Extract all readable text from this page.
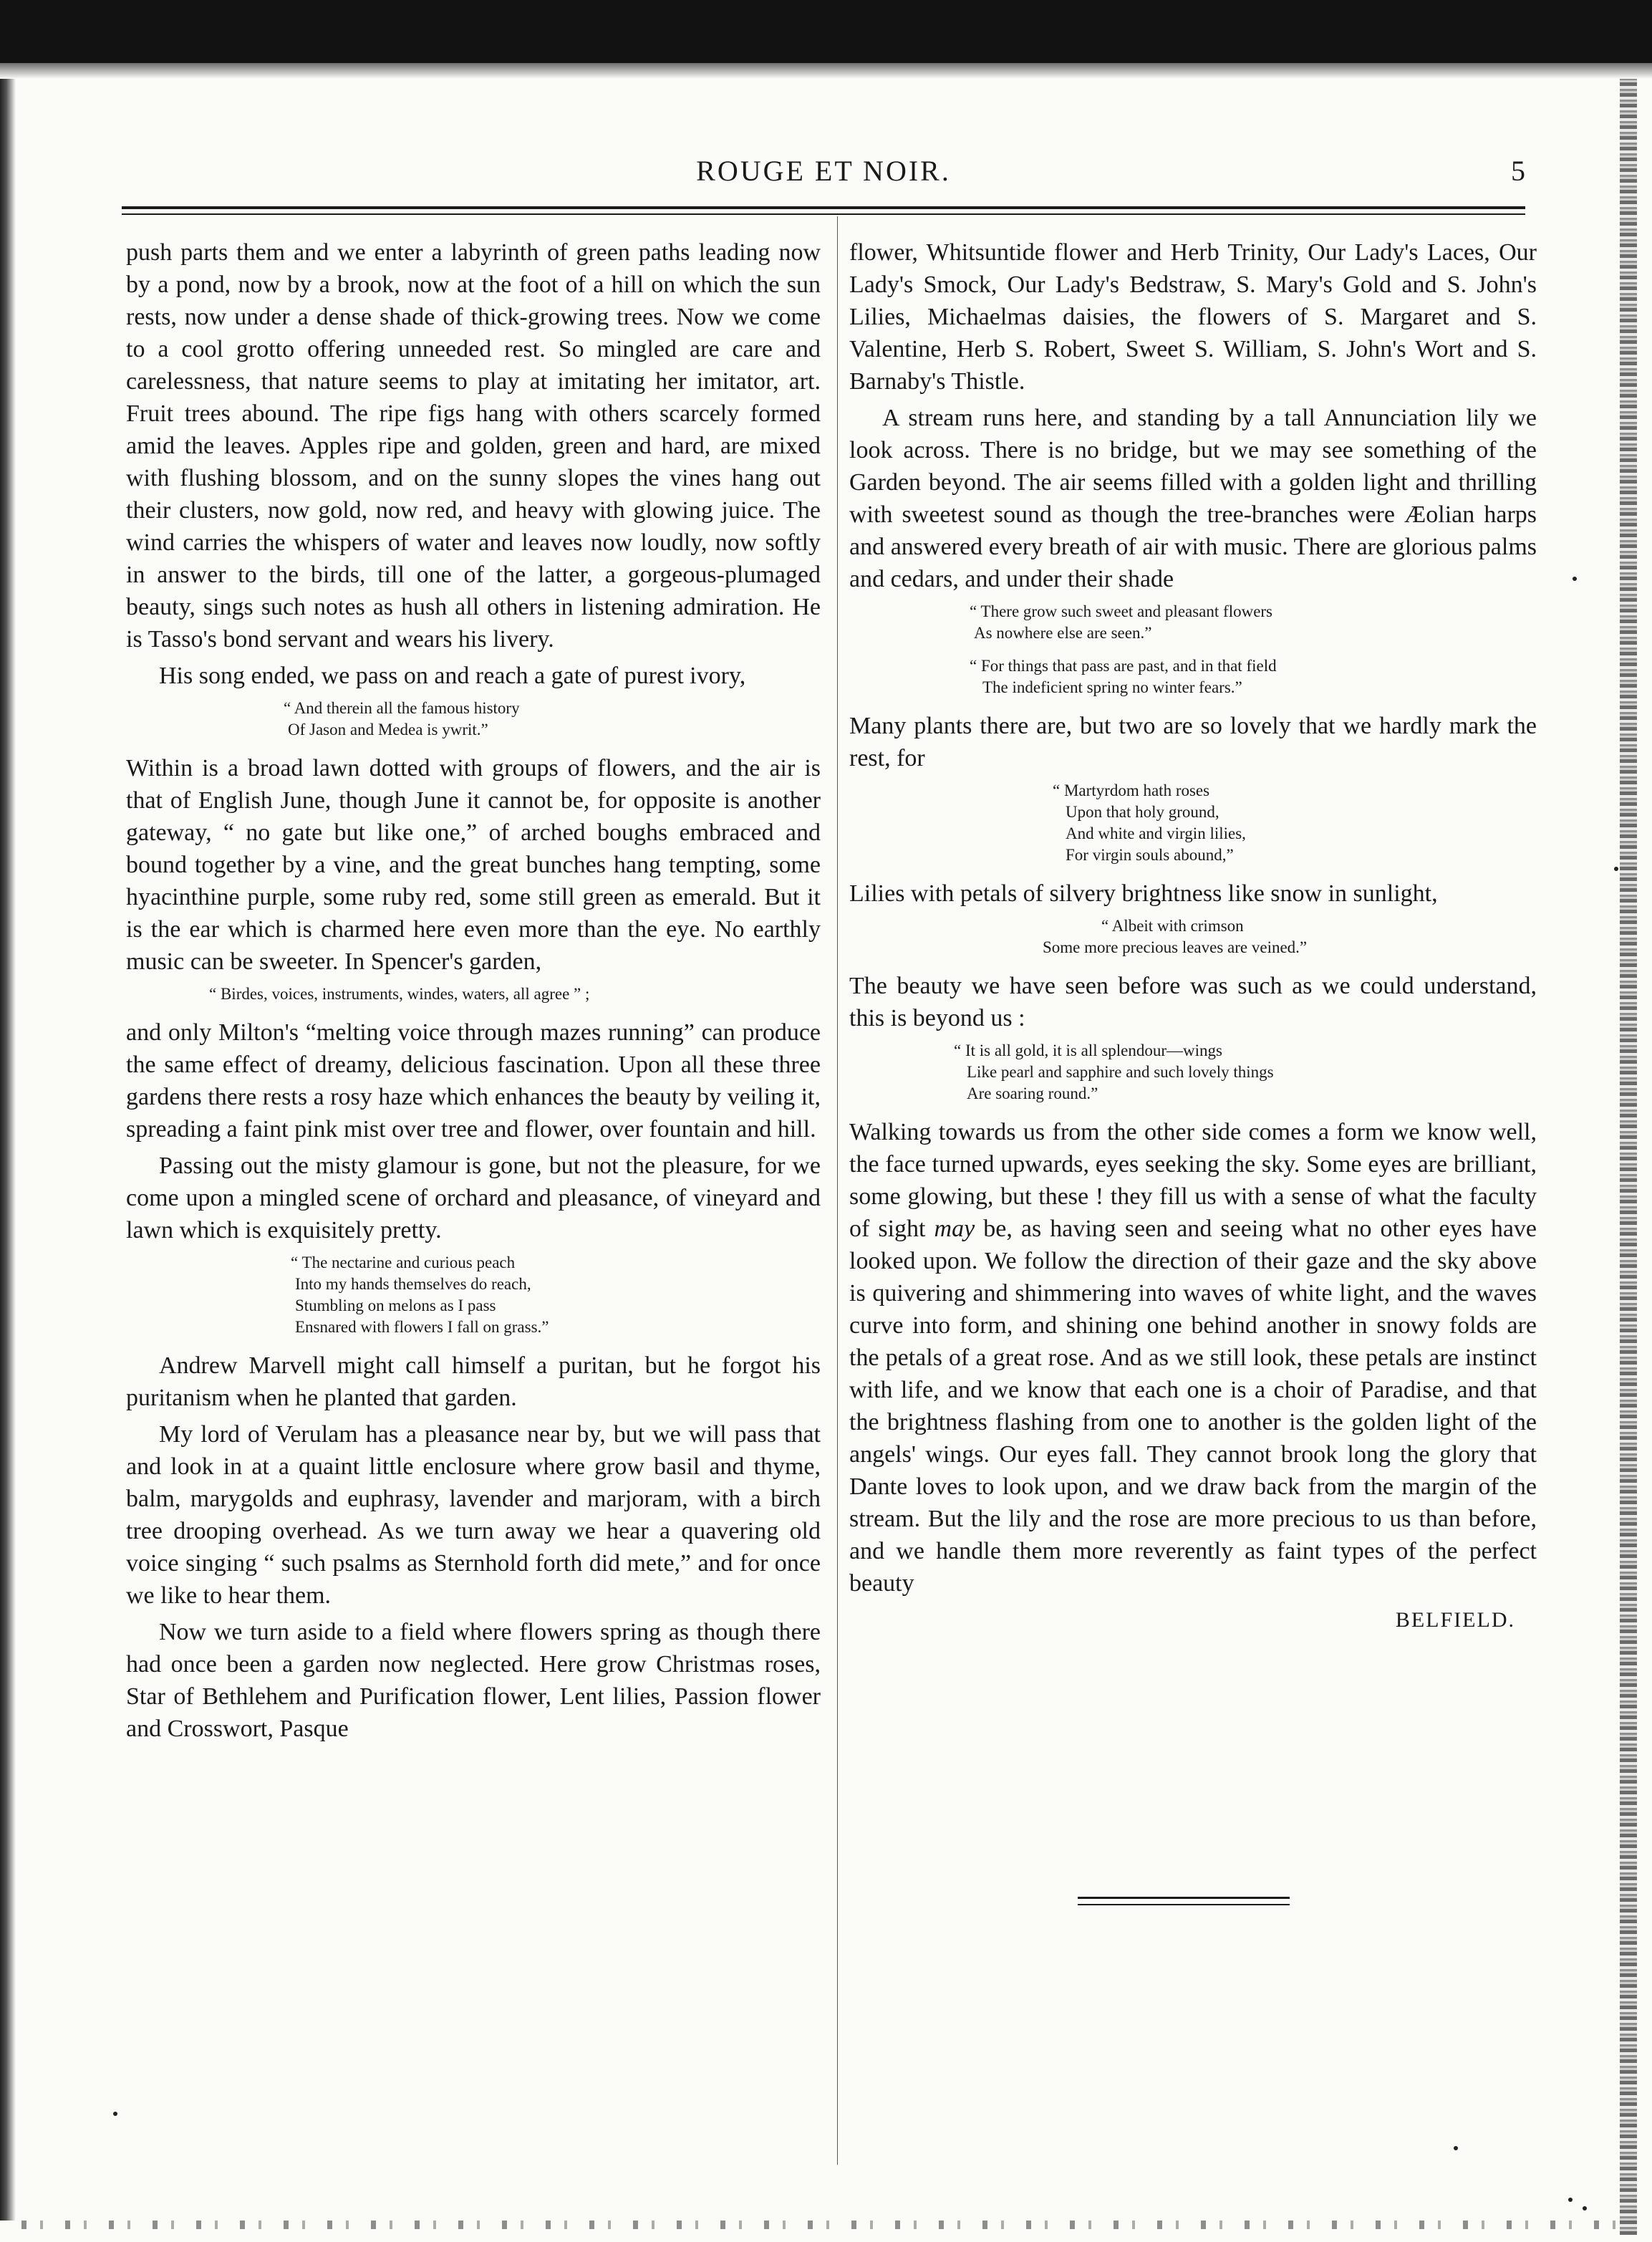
ROUGE ET NOIR.	5

push parts them and we enter a labyrinth of green paths leading now by a pond, now by a brook, now at the foot of a hill on which the sun rests, now under a dense shade of thick-growing trees. Now we come to a cool grotto offering unneeded rest. So mingled are care and carelessness, that nature seems to play at imitating her imitator, art. Fruit trees abound. The ripe figs hang with others scarcely formed amid the leaves. Apples ripe and golden, green and hard, are mixed with flushing blossom, and on the sunny slopes the vines hang out their clusters, now gold, now red, and heavy with glowing juice. The wind carries the whispers of water and leaves now loudly, now softly in answer to the birds, till one of the latter, a gorgeous-plumaged beauty, sings such notes as hush all others in listening admiration. He is Tasso's bond servant and wears his livery.

His song ended, we pass on and reach a gate of purest ivory,

“ And therein all the famous history
Of Jason and Medea is ywrit.”

Within is a broad lawn dotted with groups of flowers, and the air is that of English June, though June it cannot be, for opposite is another gateway, “ no gate but like one,” of arched boughs embraced and bound together by a vine, and the great bunches hang tempting, some hyacinthine purple, some ruby red, some still green as emerald. But it is the ear which is charmed here even more than the eye. No earthly music can be sweeter. In Spencer's garden,

“ Birdes, voices, instruments, windes, waters, all agree ” ;

and only Milton's “melting voice through mazes running” can produce the same effect of dreamy, delicious fascination. Upon all these three gardens there rests a rosy haze which enhances the beauty by veiling it, spreading a faint pink mist over tree and flower, over fountain and hill.

Passing out the misty glamour is gone, but not the pleasure, for we come upon a mingled scene of orchard and pleasance, of vineyard and lawn which is exquisitely pretty.

“ The nectarine and curious peach
Into my hands themselves do reach,
Stumbling on melons as I pass
Ensnared with flowers I fall on grass.”

Andrew Marvell might call himself a puritan, but he forgot his puritanism when he planted that garden.

My lord of Verulam has a pleasance near by, but we will pass that and look in at a quaint little enclosure where grow basil and thyme, balm, marygolds and euphrasy, lavender and marjoram, with a birch tree drooping overhead. As we turn away we hear a quavering old voice singing “ such psalms as Sternhold forth did mete,” and for once we like to hear them.

Now we turn aside to a field where flowers spring as though there had once been a garden now neglected. Here grow Christmas roses, Star of Bethlehem and Purification flower, Lent lilies, Passion flower and Crosswort, Pasque

flower, Whitsuntide flower and Herb Trinity, Our Lady's Laces, Our Lady's Smock, Our Lady's Bedstraw, S. Mary's Gold and S. John's Lilies, Michaelmas daisies, the flowers of S. Margaret and S. Valentine, Herb S. Robert, Sweet S. William, S. John's Wort and S. Barnaby's Thistle.

A stream runs here, and standing by a tall Annunciation lily we look across. There is no bridge, but we may see something of the Garden beyond. The air seems filled with a golden light and thrilling with sweetest sound as though the tree-branches were Æolian harps and answered every breath of air with music. There are glorious palms and cedars, and under their shade

“ There grow such sweet and pleasant flowers
As nowhere else are seen.”
“ For things that pass are past, and in that field
The indeficient spring no winter fears.”

Many plants there are, but two are so lovely that we hardly mark the rest, for

“ Martyrdom hath roses
Upon that holy ground,
And white and virgin lilies,
For virgin souls abound,”

Lilies with petals of silvery brightness like snow in sunlight,

“ Albeit with crimson
Some more precious leaves are veined.”

The beauty we have seen before was such as we could understand, this is beyond us :

“ It is all gold, it is all splendour—wings
Like pearl and sapphire and such lovely things
Are soaring round.”

Walking towards us from the other side comes a form we know well, the face turned upwards, eyes seeking the sky. Some eyes are brilliant, some glowing, but these ! they fill us with a sense of what the faculty of sight may be, as having seen and seeing what no other eyes have looked upon. We follow the direction of their gaze and the sky above is quivering and shimmering into waves of white light, and the waves curve into form, and shining one behind another in snowy folds are the petals of a great rose. And as we still look, these petals are instinct with life, and we know that each one is a choir of Paradise, and that the brightness flashing from one to another is the golden light of the angels' wings. Our eyes fall. They cannot brook long the glory that Dante loves to look upon, and we draw back from the margin of the stream. But the lily and the rose are more precious to us than before, and we handle them more reverently as faint types of the perfect beauty

BELFIELD.
